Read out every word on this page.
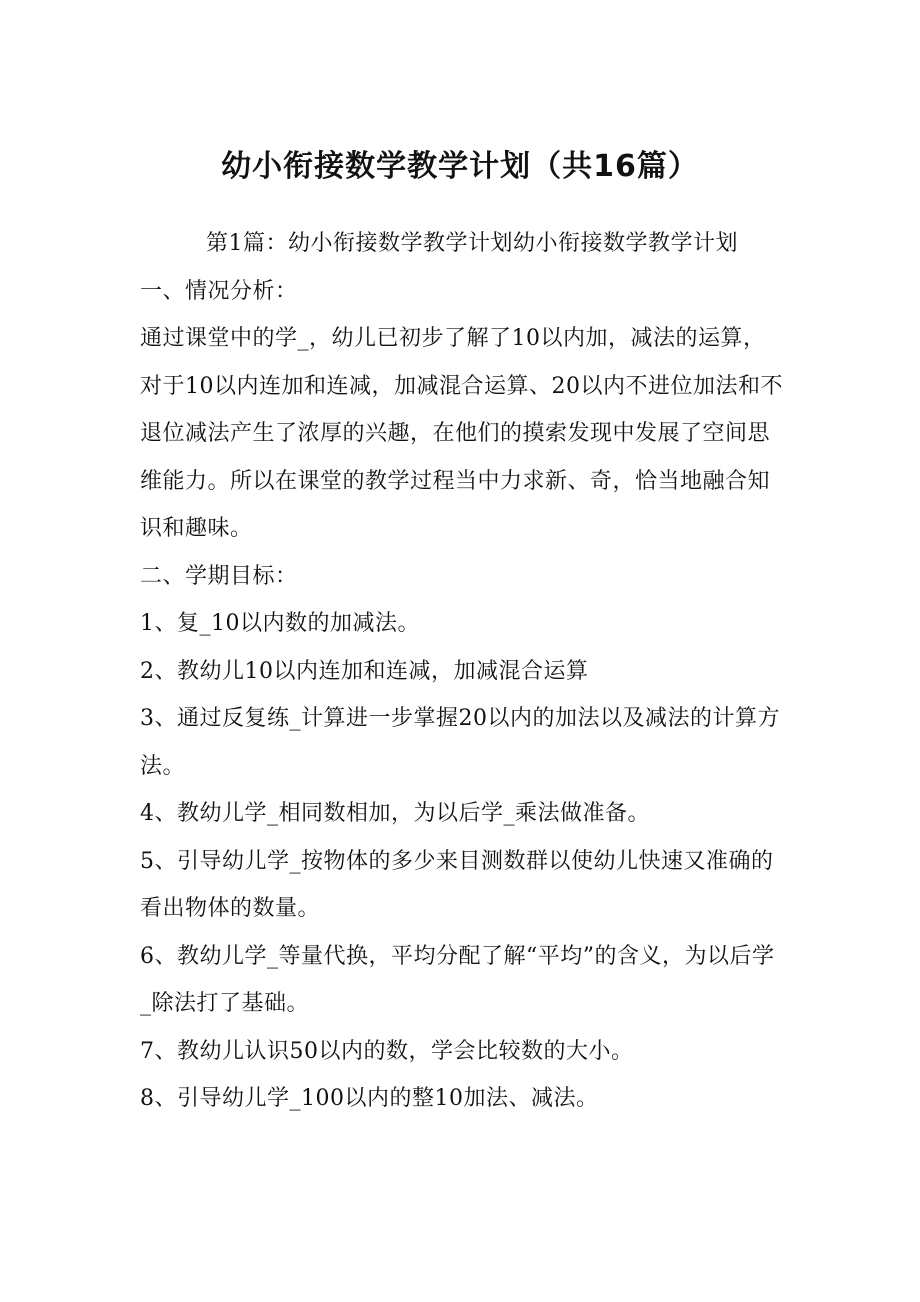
幼小衔接数学教学计划（共16篇）

第1篇：幼小衔接数学教学计划幼小衔接数学教学计划

一、情况分析：

通过课堂中的学_，幼儿已初步了解了10以内加，减法的运算，对于10以内连加和连减，加减混合运算、20以内不进位加法和不退位减法产生了浓厚的兴趣，在他们的摸索发现中发展了空间思维能力。所以在课堂的教学过程当中力求新、奇，恰当地融合知识和趣味。

二、学期目标：

1、复_10以内数的加减法。

2、教幼儿10以内连加和连减，加减混合运算

3、通过反复练_计算进一步掌握20以内的加法以及减法的计算方法。

4、教幼儿学_相同数相加，为以后学_乘法做准备。

5、引导幼儿学_按物体的多少来目测数群以使幼儿快速又准确的看出物体的数量。

6、教幼儿学_等量代换，平均分配了解“平均”的含义，为以后学_除法打了基础。

7、教幼儿认识50以内的数，学会比较数的大小。

8、引导幼儿学_100以内的整10加法、减法。
